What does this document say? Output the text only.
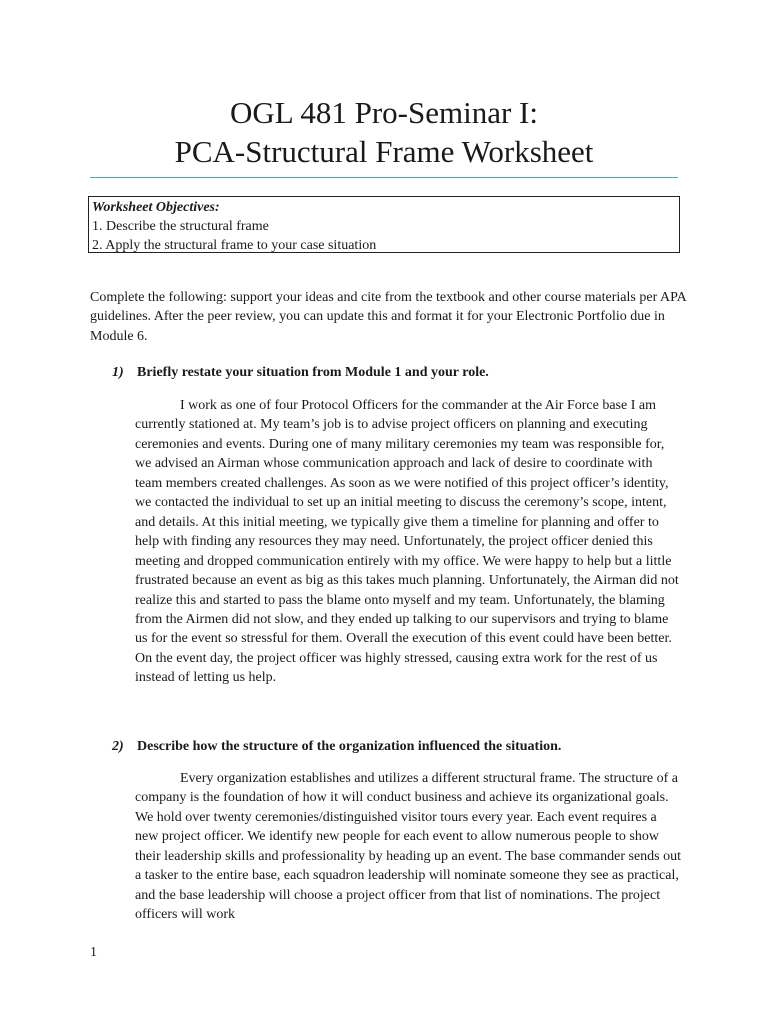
OGL 481 Pro-Seminar I:
PCA-Structural Frame Worksheet
Worksheet Objectives:
1. Describe the structural frame
2. Apply the structural frame to your case situation
Complete the following: support your ideas and cite from the textbook and other course materials per APA guidelines. After the peer review, you can update this and format it for your Electronic Portfolio due in Module 6.
1) Briefly restate your situation from Module 1 and your role.

I work as one of four Protocol Officers for the commander at the Air Force base I am currently stationed at. My team’s job is to advise project officers on planning and executing ceremonies and events. During one of many military ceremonies my team was responsible for, we advised an Airman whose communication approach and lack of desire to coordinate with team members created challenges. As soon as we were notified of this project officer’s identity, we contacted the individual to set up an initial meeting to discuss the ceremony’s scope, intent, and details. At this initial meeting, we typically give them a timeline for planning and offer to help with finding any resources they may need. Unfortunately, the project officer denied this meeting and dropped communication entirely with my office. We were happy to help but a little frustrated because an event as big as this takes much planning. Unfortunately, the Airman did not realize this and started to pass the blame onto myself and my team. Unfortunately, the blaming from the Airmen did not slow, and they ended up talking to our supervisors and trying to blame us for the event so stressful for them. Overall the execution of this event could have been better. On the event day, the project officer was highly stressed, causing extra work for the rest of us instead of letting us help.

2) Describe how the structure of the organization influenced the situation.

Every organization establishes and utilizes a different structural frame. The structure of a company is the foundation of how it will conduct business and achieve its organizational goals. We hold over twenty ceremonies/distinguished visitor tours every year. Each event requires a new project officer. We identify new people for each event to allow numerous people to show their leadership skills and professionality by heading up an event. The base commander sends out a tasker to the entire base, each squadron leadership will nominate someone they see as practical, and the base leadership will choose a project officer from that list of nominations. The project officers will work

1
